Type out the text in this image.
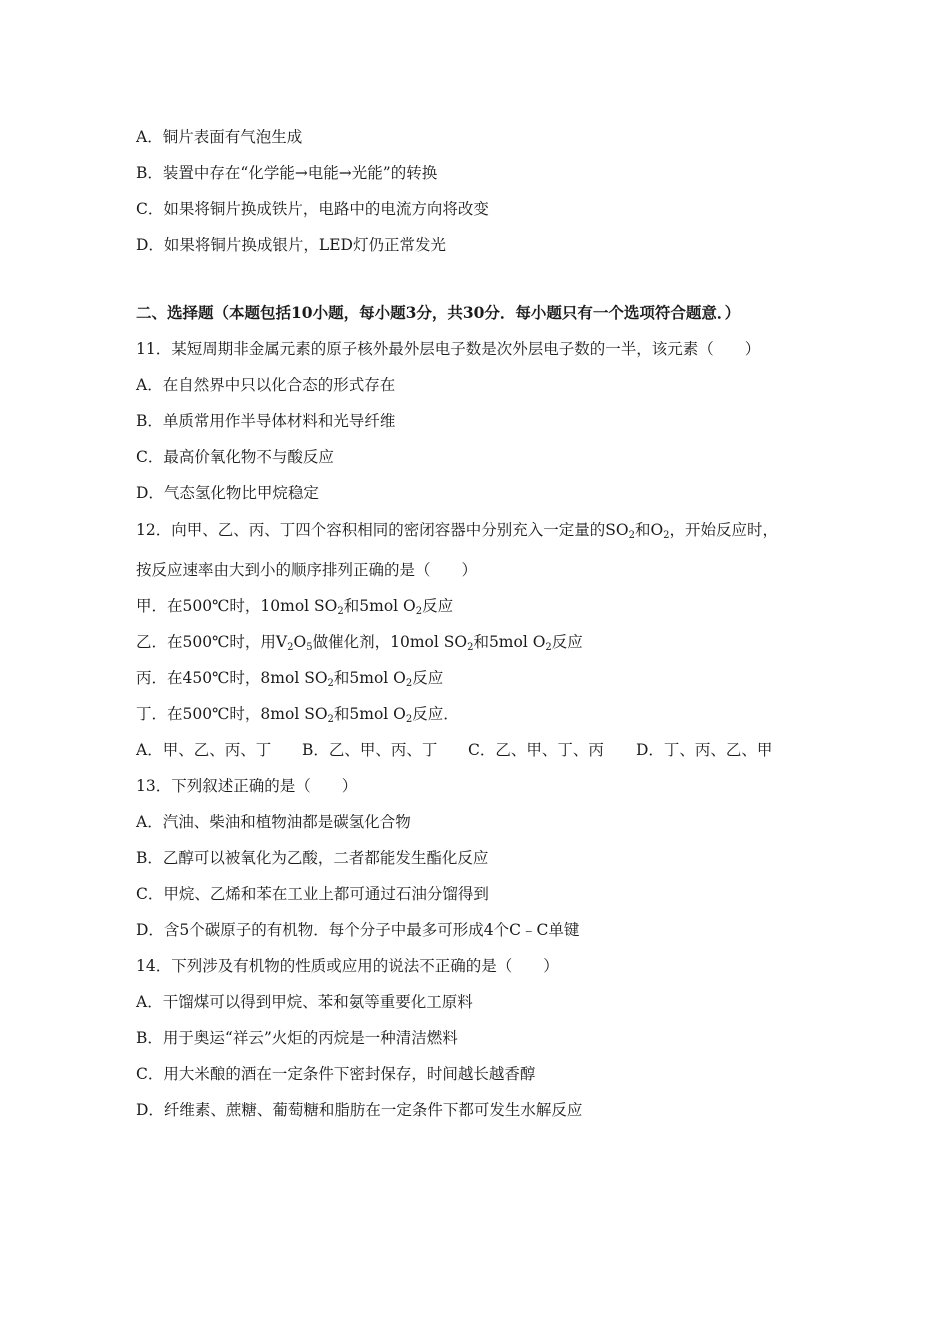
A．铜片表面有气泡生成
B．装置中存在“化学能→电能→光能”的转换
C．如果将铜片换成铁片，电路中的电流方向将改变
D．如果将铜片换成银片，LED灯仍正常发光
二、选择题（本题包括10小题，每小题3分，共30分．每小题只有一个选项符合题意．）
11．某短周期非金属元素的原子核外最外层电子数是次外层电子数的一半，该元素（　　）
A．在自然界中只以化合态的形式存在
B．单质常用作半导体材料和光导纤维
C．最高价氧化物不与酸反应
D．气态氢化物比甲烷稳定
12．向甲、乙、丙、丁四个容积相同的密闭容器中分别充入一定量的$SO_2$和$O_2$，开始反应时，
按反应速率由大到小的顺序排列正确的是（　　）
甲．在500℃时，10mol $SO_2$和5mol $O_2$反应
乙．在500℃时，用$V_2O_5$做催化剂，10mol $SO_2$和5mol $O_2$反应
丙．在450℃时，8mol $SO_2$和5mol $O_2$反应
丁．在500℃时，8mol $SO_2$和5mol $O_2$反应．
A．甲、乙、丙、丁 B．乙、甲、丙、丁 C．乙、甲、丁、丙 D．丁、丙、乙、甲
13．下列叙述正确的是（　　）
A．汽油、柴油和植物油都是碳氢化合物
B．乙醇可以被氧化为乙酸，二者都能发生酯化反应
C．甲烷、乙烯和苯在工业上都可通过石油分馏得到
D．含5个碳原子的有机物．每个分子中最多可形成4个C﹣C单键
14．下列涉及有机物的性质或应用的说法不正确的是（　　）
A．干馏煤可以得到甲烷、苯和氨等重要化工原料
B．用于奥运“祥云”火炬的丙烷是一种清洁燃料
C．用大米酿的酒在一定条件下密封保存，时间越长越香醇
D．纤维素、蔗糖、葡萄糖和脂肪在一定条件下都可发生水解反应
